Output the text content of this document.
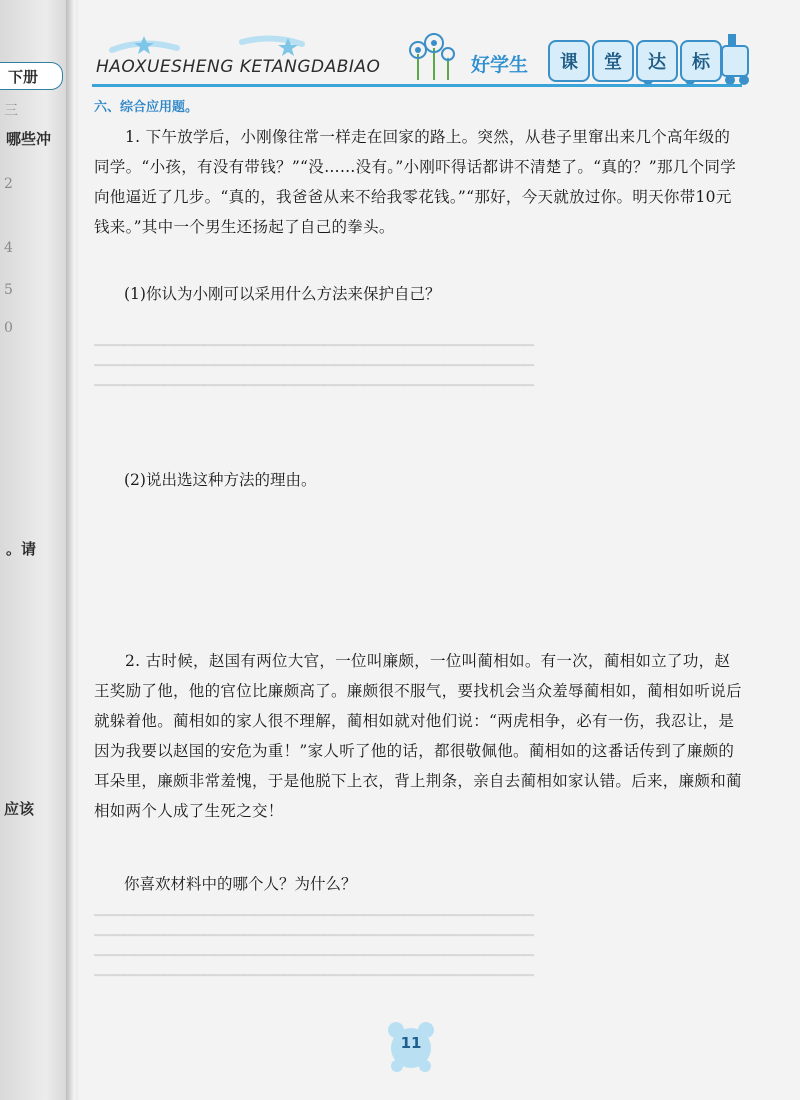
下册
三
哪些冲
2
4
5
0
。请
应该
HAOXUESHENG KETANGDABIAO	好学生	课	堂	达	标
六、综合应用题。
▁▁▁▁▁▁▁▁▁▁▁▁▁▁▁▁▁▁▁▁▁▁▁▁▁▁▁▁▁▁▁▁▁▁▁▁▁▁▁▁▁▁▁▁
▁▁▁▁▁▁▁▁▁▁▁▁▁▁▁▁▁▁▁▁▁▁▁▁▁▁▁▁▁▁▁▁▁▁▁▁▁▁▁▁▁▁▁▁
▁▁▁▁▁▁▁▁▁▁▁▁▁▁▁▁▁▁▁▁▁▁▁▁▁▁▁▁▁▁▁▁▁▁▁▁▁▁▁▁▁▁▁▁
▁▁▁▁▁▁▁▁▁▁▁▁▁▁▁▁▁▁▁▁▁▁▁▁▁▁▁▁▁▁▁▁▁▁▁▁▁▁▁▁▁▁▁▁
▁▁▁▁▁▁▁▁▁▁▁▁▁▁▁▁▁▁▁▁▁▁▁▁▁▁▁▁▁▁▁▁▁▁▁▁▁▁▁▁▁▁▁▁
▁▁▁▁▁▁▁▁▁▁▁▁▁▁▁▁▁▁▁▁▁▁▁▁▁▁▁▁▁▁▁▁▁▁▁▁▁▁▁▁▁▁▁▁
▁▁▁▁▁▁▁▁▁▁▁▁▁▁▁▁▁▁▁▁▁▁▁▁▁▁▁▁▁▁▁▁▁▁▁▁▁▁▁▁▁▁▁▁

1. 下午放学后，小刚像往常一样走在回家的路上。突然，从巷子里窜出来几个高年级的同学。“小孩，有没有带钱？”“没……没有。”小刚吓得话都讲不清楚了。“真的？”那几个同学向他逼近了几步。“真的，我爸爸从来不给我零花钱。”“那好，今天就放过你。明天你带10元钱来。”其中一个男生还扬起了自己的拳头。

(1)你认为小刚可以采用什么方法来保护自己？
(2)说出选这种方法的理由。

2. 古时候，赵国有两位大官，一位叫廉颇，一位叫蔺相如。有一次，蔺相如立了功，赵王奖励了他，他的官位比廉颇高了。廉颇很不服气，要找机会当众羞辱蔺相如，蔺相如听说后就躲着他。蔺相如的家人很不理解，蔺相如就对他们说：“两虎相争，必有一伤，我忍让，是因为我要以赵国的安危为重！”家人听了他的话，都很敬佩他。蔺相如的这番话传到了廉颇的耳朵里，廉颇非常羞愧，于是他脱下上衣，背上荆条，亲自去蔺相如家认错。后来，廉颇和蔺相如两个人成了生死之交！

你喜欢材料中的哪个人？为什么？
11
